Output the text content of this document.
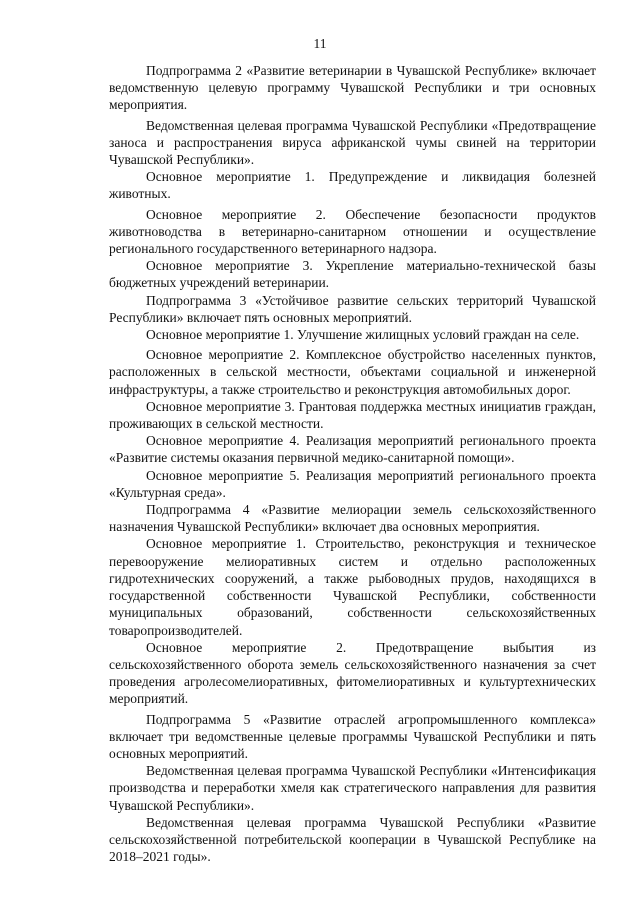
11

Подпрограмма 2 «Развитие ветеринарии в Чувашской Республике» включает ведомственную целевую программу Чувашской Республики и три основных мероприятия.

Ведомственная целевая программа Чувашской Республики «Предотвращение заноса и распространения вируса африканской чумы свиней на территории Чувашской Республики».

Основное мероприятие 1. Предупреждение и ликвидация болезней животных.

Основное мероприятие 2. Обеспечение безопасности продуктов животноводства в ветеринарно-санитарном отношении и осуществление регионального государственного ветеринарного надзора.

Основное мероприятие 3. Укрепление материально-технической базы бюджетных учреждений ветеринарии.

Подпрограмма 3 «Устойчивое развитие сельских территорий Чувашской Республики» включает пять основных мероприятий.

Основное мероприятие 1. Улучшение жилищных условий граждан на селе.

Основное мероприятие 2. Комплексное обустройство населенных пунктов, расположенных в сельской местности, объектами социальной и инженерной инфраструктуры, а также строительство и реконструкция автомобильных дорог.

Основное мероприятие 3. Грантовая поддержка местных инициатив граждан, проживающих в сельской местности.

Основное мероприятие 4. Реализация мероприятий регионального проекта «Развитие системы оказания первичной медико-санитарной помощи».

Основное мероприятие 5. Реализация мероприятий регионального проекта «Культурная среда».

Подпрограмма 4 «Развитие мелиорации земель сельскохозяйственного назначения Чувашской Республики» включает два основных мероприятия.

Основное мероприятие 1. Строительство, реконструкция и техническое перевооружение мелиоративных систем и отдельно расположенных гидротехнических сооружений, а также рыбоводных прудов, находящихся в государственной собственности Чувашской Республики, собственности муниципальных образований, собственности сельскохозяйственных товаропроизводителей.

Основное мероприятие 2. Предотвращение выбытия из сельскохозяйственного оборота земель сельскохозяйственного назначения за счет проведения агролесомелиоративных, фитомелиоративных и культуртехнических мероприятий.

Подпрограмма 5 «Развитие отраслей агропромышленного комплекса» включает три ведомственные целевые программы Чувашской Республики и пять основных мероприятий.

Ведомственная целевая программа Чувашской Республики «Интенсификация производства и переработки хмеля как стратегического направления для развития Чувашской Республики».

Ведомственная целевая программа Чувашской Республики «Развитие сельскохозяйственной потребительской кооперации в Чувашской Республике на 2018–2021 годы».
